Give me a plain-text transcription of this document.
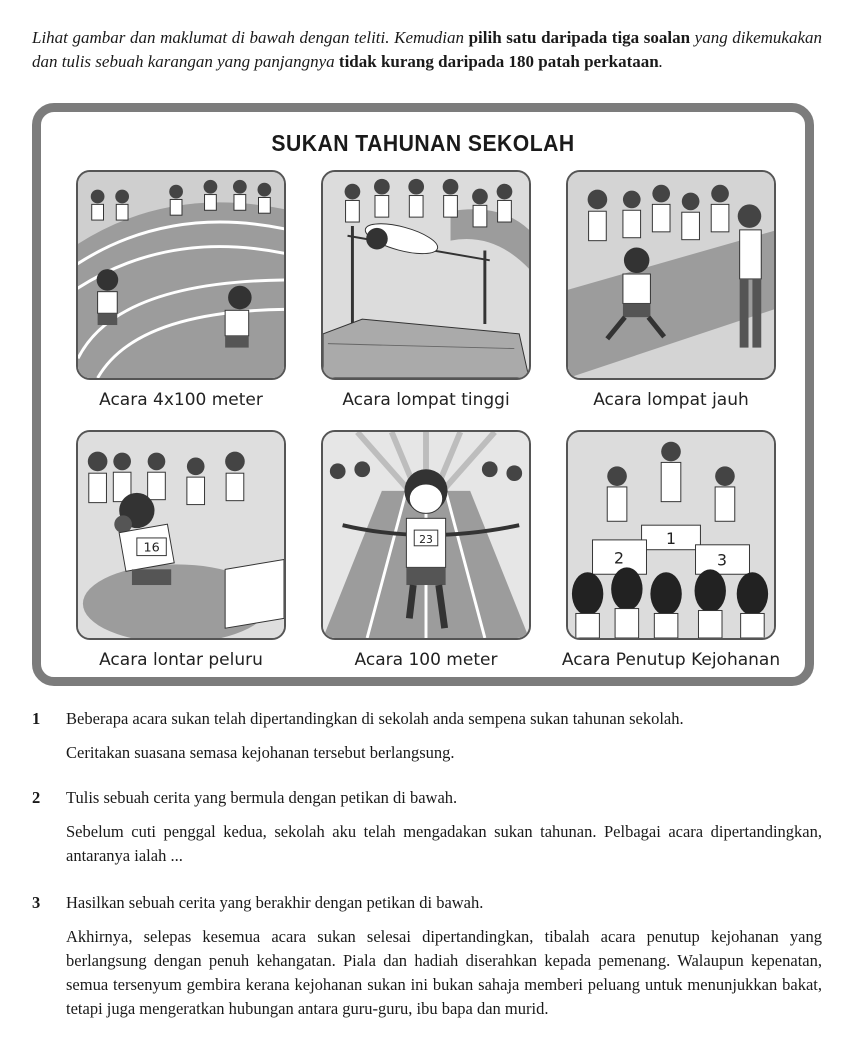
Lihat gambar dan maklumat di bawah dengan teliti. Kemudian pilih satu daripada tiga soalan yang dikemukakan dan tulis sebuah karangan yang panjangnya tidak kurang daripada 180 patah perkataan.
SUKAN TAHUNAN SEKOLAH
Acara 4x100 meter	Acara lompat tinggi	Acara lompat jauh
16
Acara lontar peluru
23
Acara 100 meter
1
2	3
Acara Penutup Kejohanan
1 Beberapa acara sukan telah dipertandingkan di sekolah anda sempena sukan tahunan sekolah.
Ceritakan suasana semasa kejohanan tersebut berlangsung.
2 Tulis sebuah cerita yang bermula dengan petikan di bawah.
Sebelum cuti penggal kedua, sekolah aku telah mengadakan sukan tahunan. Pelbagai acara dipertandingkan, antaranya ialah ...
3 Hasilkan sebuah cerita yang berakhir dengan petikan di bawah.
Akhirnya, selepas kesemua acara sukan selesai dipertandingkan, tibalah acara penutup kejohanan yang berlangsung dengan penuh kehangatan. Piala dan hadiah diserahkan kepada pemenang. Walaupun kepenatan, semua tersenyum gembira kerana kejohanan sukan ini bukan sahaja memberi peluang untuk menunjukkan bakat, tetapi juga mengeratkan hubungan antara guru-guru, ibu bapa dan murid.
